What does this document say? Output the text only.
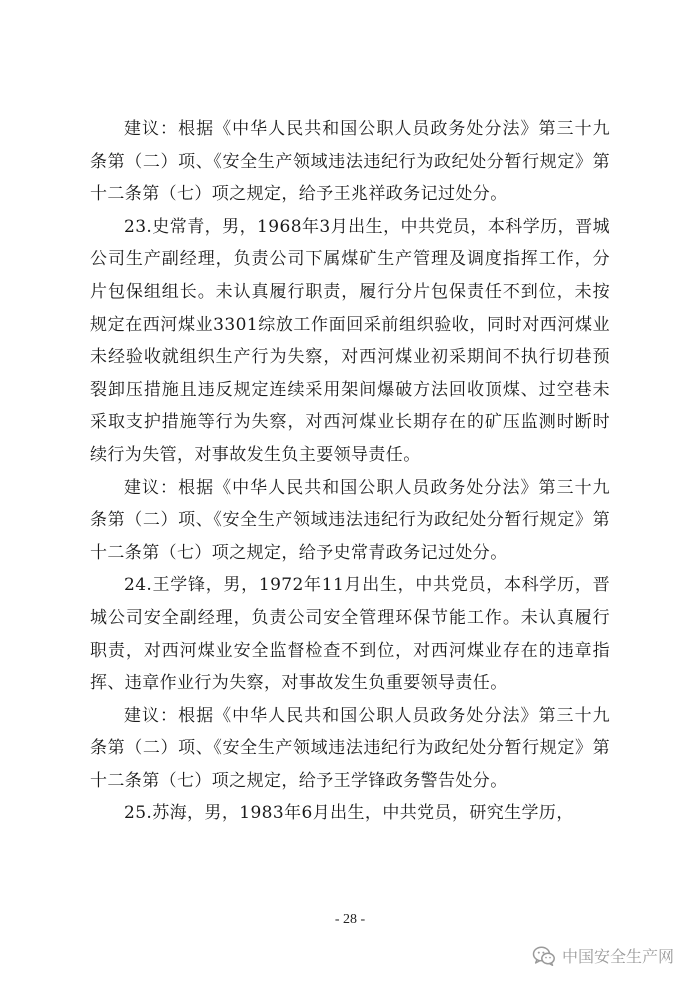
建议：根据《中华人民共和国公职人员政务处分法》第三十九条第（二）项、《安全生产领域违法违纪行为政纪处分暂行规定》第十二条第（七）项之规定，给予王兆祥政务记过处分。

23.史常青，男，1968年3月出生，中共党员，本科学历，晋城公司生产副经理，负责公司下属煤矿生产管理及调度指挥工作，分片包保组组长。未认真履行职责，履行分片包保责任不到位，未按规定在西河煤业3301综放工作面回采前组织验收，同时对西河煤业未经验收就组织生产行为失察，对西河煤业初采期间不执行切巷预裂卸压措施且违反规定连续采用架间爆破方法回收顶煤、过空巷未采取支护措施等行为失察，对西河煤业长期存在的矿压监测时断时续行为失管，对事故发生负主要领导责任。

建议：根据《中华人民共和国公职人员政务处分法》第三十九条第（二）项、《安全生产领域违法违纪行为政纪处分暂行规定》第十二条第（七）项之规定，给予史常青政务记过处分。

24.王学锋，男，1972年11月出生，中共党员，本科学历，晋城公司安全副经理，负责公司安全管理环保节能工作。未认真履行职责，对西河煤业安全监督检查不到位，对西河煤业存在的违章指挥、违章作业行为失察，对事故发生负重要领导责任。

建议：根据《中华人民共和国公职人员政务处分法》第三十九条第（二）项、《安全生产领域违法违纪行为政纪处分暂行规定》第十二条第（七）项之规定，给予王学锋政务警告处分。

25.苏海，男，1983年6月出生，中共党员，研究生学历，

- 28 -
中国安全生产网
